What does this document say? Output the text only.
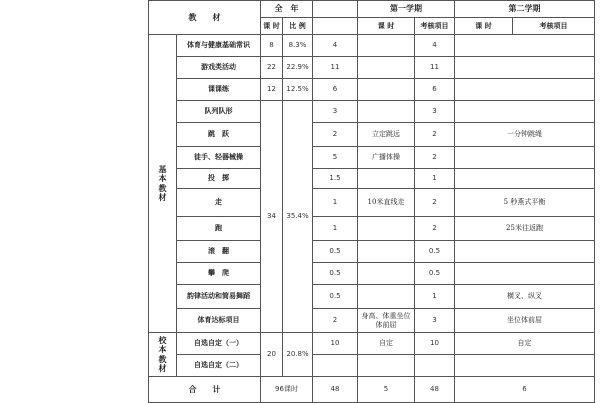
教　　材		全　年			第一学期		第二学期	
		课 时	比 例		课 时	考核项目	课 时	考核项目

基
本
教
材	体育与健康基础常识	8	8.3%	4		4		
	游戏类活动	22	22.9%	11		11		
	课课练	12	12.5%	6		6		
	队列队形	34	35.4%	3		3		
	跳　跃			2	立定跳远	2	一分钟跳绳	
	徒手、轻器械操			5	广播体操	2		
	投　掷			1.5		1		
	走			1	10米直线走	2	5 秒燕式平衡	
	跑			1		2	25米往返跑	
	滚　翻			0.5		0.5		
	攀　爬			0.5		0.5		
	韵律活动和简易舞蹈			0.5		1	横叉、纵叉	
	体育达标项目			2	身高、体重坐位体前屈	3	坐位体前屈	

校
本
教
材	自选自定（一）	20	20.8%	10	自定	10	自定	
	自选自定（二）							
合　　计		96课时		48	5	48	6	
